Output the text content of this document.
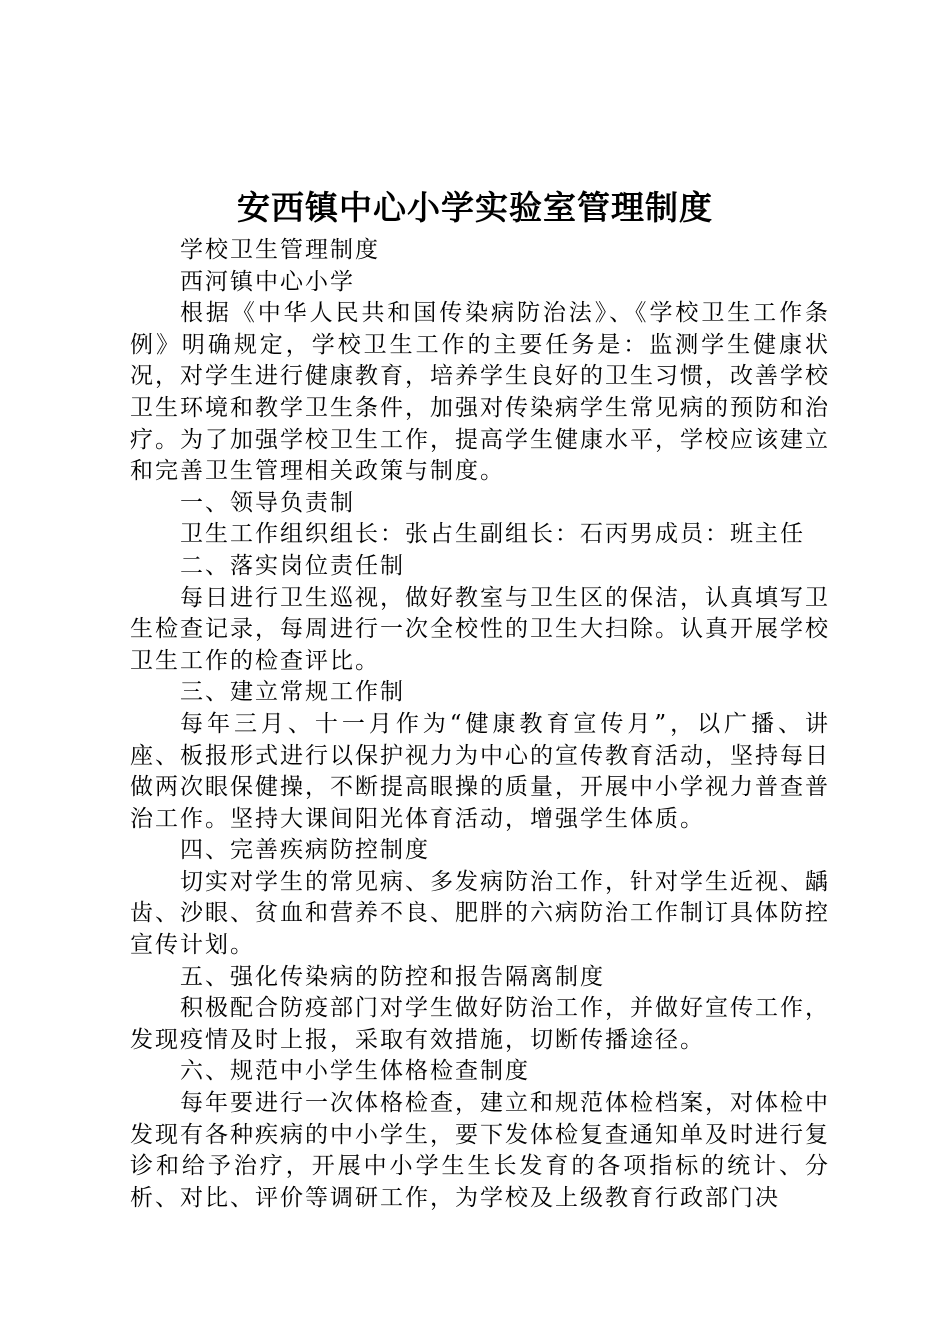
安西镇中心小学实验室管理制度

学校卫生管理制度

西河镇中心小学

根据《中华人民共和国传染病防治法》、《学校卫生工作条例》明确规定，学校卫生工作的主要任务是：监测学生健康状况，对学生进行健康教育，培养学生良好的卫生习惯，改善学校卫生环境和教学卫生条件，加强对传染病学生常见病的预防和治疗。为了加强学校卫生工作，提高学生健康水平，学校应该建立和完善卫生管理相关政策与制度。

一、领导负责制

卫生工作组织组长：张占生副组长：石丙男成员：班主任

二、落实岗位责任制

每日进行卫生巡视，做好教室与卫生区的保洁，认真填写卫生检查记录，每周进行一次全校性的卫生大扫除。认真开展学校卫生工作的检查评比。

三、建立常规工作制

每年三月、十一月作为“健康教育宣传月”，以广播、讲座、板报形式进行以保护视力为中心的宣传教育活动，坚持每日做两次眼保健操，不断提高眼操的质量，开展中小学视力普查普治工作。坚持大课间阳光体育活动，增强学生体质。

四、完善疾病防控制度

切实对学生的常见病、多发病防治工作，针对学生近视、龋齿、沙眼、贫血和营养不良、肥胖的六病防治工作制订具体防控宣传计划。

五、强化传染病的防控和报告隔离制度

积极配合防疫部门对学生做好防治工作，并做好宣传工作，发现疫情及时上报，采取有效措施，切断传播途径。

六、规范中小学生体格检查制度

每年要进行一次体格检查，建立和规范体检档案，对体检中发现有各种疾病的中小学生，要下发体检复查通知单及时进行复诊和给予治疗，开展中小学生生长发育的各项指标的统计、分析、对比、评价等调研工作，为学校及上级教育行政部门决
